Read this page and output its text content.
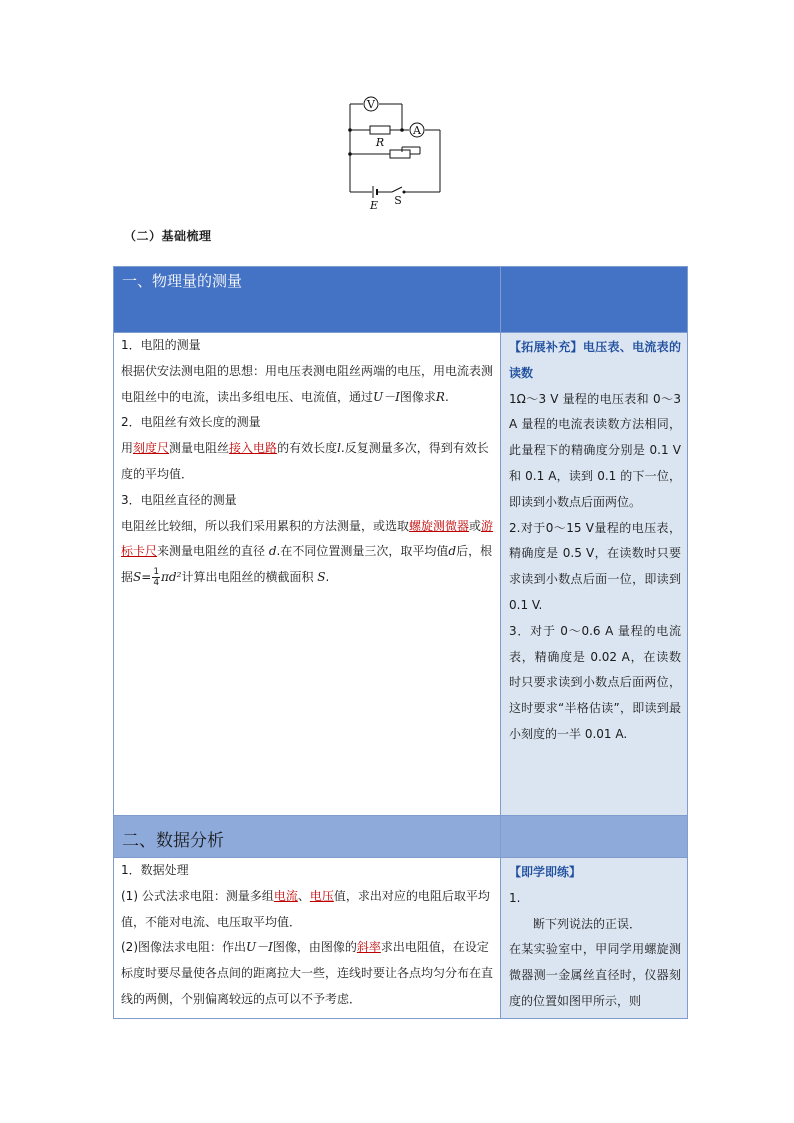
V
A
R
E S
（二）基础梳理
一、物理量的测量

1．电阻的测量

根据伏安法测电阻的思想：用电压表测电阻丝两端的电压，用电流表测电阻丝中的电流，读出多组电压、电流值，通过U－I图像求R.

2．电阻丝有效长度的测量

用刻度尺测量电阻丝接入电路的有效长度l.反复测量多次，得到有效长度的平均值．

3．电阻丝直径的测量

电阻丝比较细，所以我们采用累积的方法测量，或选取螺旋测微器或游标卡尺来测量电阻丝的直径 d.在不同位置测量三次，取平均值d后，根据$S= \frac{1}{4} \pi d^2$计算出电阻丝的横截面积 S.

【拓展补充】电压表、电流表的读数

1Ω～3 V 量程的电压表和 0～3 A 量程的电流表读数方法相同，此量程下的精确度分别是 0.1 V 和 0.1 A，读到 0.1 的下一位，即读到小数点后面两位。

2.对于0～15 V量程的电压表，精确度是 0.5 V，在读数时只要求读到小数点后面一位，即读到0.1 V.

3．对于 0～0.6 A 量程的电流表，精确度是 0.02 A，在读数时只要求读到小数点后面两位，这时要求“半格估读”，即读到最小刻度的一半 0.01 A.

二、数据分析

1．数据处理

(1) 公式法求电阻：测量多组电流、电压值，求出对应的电阻后取平均值，不能对电流、电压取平均值．

(2)图像法求电阻：作出U－I图像，由图像的斜率求出电阻值，在设定标度时要尽量使各点间的距离拉大一些，连线时要让各点均匀分布在直线的两侧，个别偏离较远的点可以不予考虑．

【即学即练】

1.

断下列说法的正误．

在某实验室中，甲同学用螺旋测微器测一金属丝直径时，仪器刻度的位置如图甲所示，则
